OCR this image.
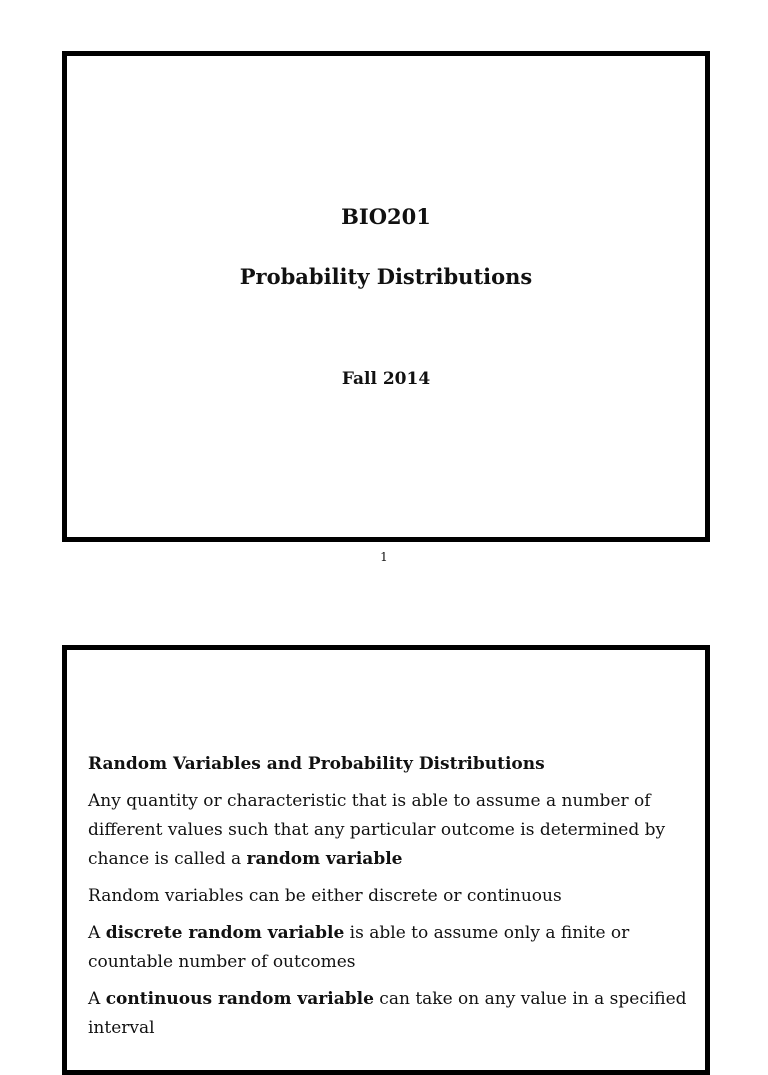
BIO201
Probability Distributions
Fall 2014
1
Random Variables and Probability Distributions
Any quantity or characteristic that is able to assume a number of different values such that any particular outcome is determined by chance is called a random variable
Random variables can be either discrete or continuous
A discrete random variable is able to assume only a finite or countable number of outcomes
A continuous random variable can take on any value in a specified interval
